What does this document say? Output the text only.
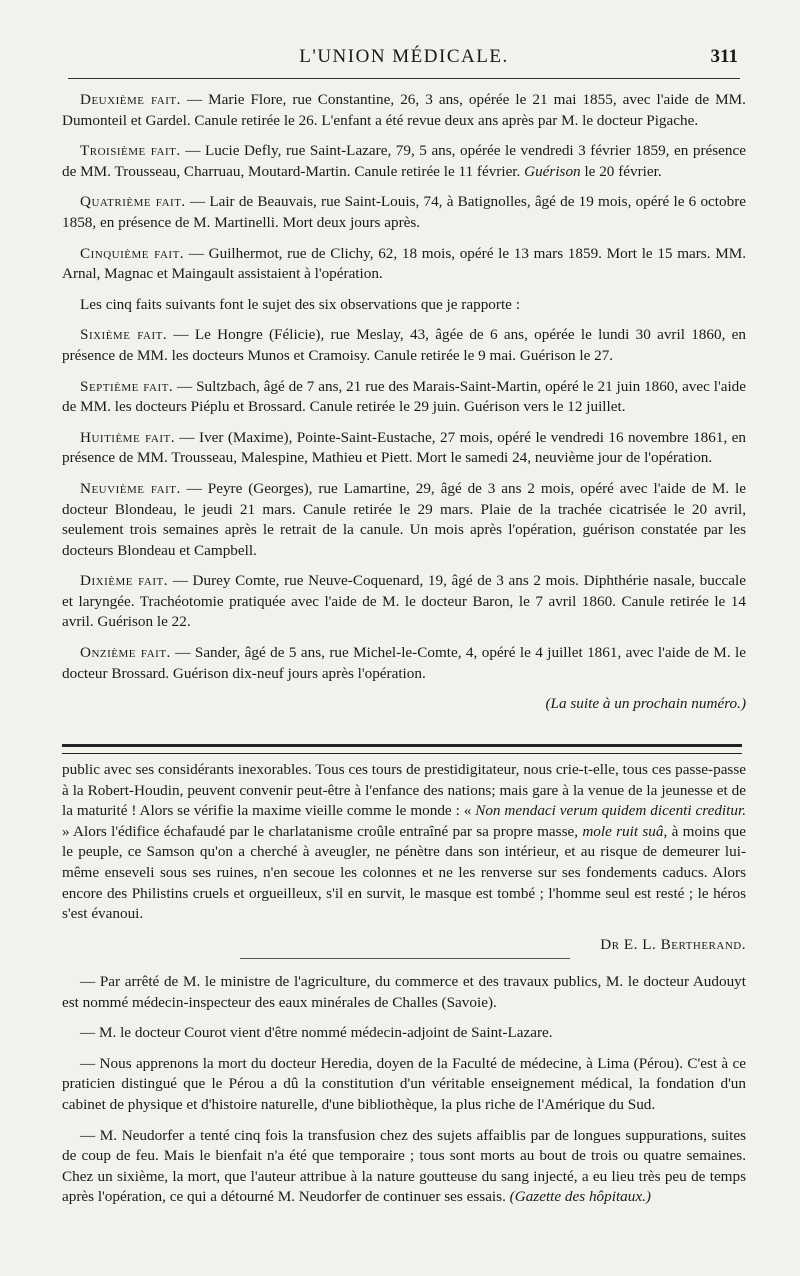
L'UNION MÉDICALE.	311

Deuxième fait. — Marie Flore, rue Constantine, 26, 3 ans, opérée le 21 mai 1855, avec l'aide de MM. Dumonteil et Gardel. Canule retirée le 26. L'enfant a été revue deux ans après par M. le docteur Pigache.

Troisième fait. — Lucie Defly, rue Saint-Lazare, 79, 5 ans, opérée le vendredi 3 février 1859, en présence de MM. Trousseau, Charruau, Moutard-Martin. Canule retirée le 11 février. Guérison le 20 février.

Quatrième fait. — Lair de Beauvais, rue Saint-Louis, 74, à Batignolles, âgé de 19 mois, opéré le 6 octobre 1858, en présence de M. Martinelli. Mort deux jours après.

Cinquième fait. — Guilhermot, rue de Clichy, 62, 18 mois, opéré le 13 mars 1859. Mort le 15 mars. MM. Arnal, Magnac et Maingault assistaient à l'opération.

Les cinq faits suivants font le sujet des six observations que je rapporte :

Sixième fait. — Le Hongre (Félicie), rue Meslay, 43, âgée de 6 ans, opérée le lundi 30 avril 1860, en présence de MM. les docteurs Munos et Cramoisy. Canule retirée le 9 mai. Guérison le 27.

Septième fait. — Sultzbach, âgé de 7 ans, 21 rue des Marais-Saint-Martin, opéré le 21 juin 1860, avec l'aide de MM. les docteurs Piéplu et Brossard. Canule retirée le 29 juin. Guérison vers le 12 juillet.

Huitième fait. — Iver (Maxime), Pointe-Saint-Eustache, 27 mois, opéré le vendredi 16 novembre 1861, en présence de MM. Trousseau, Malespine, Mathieu et Piett. Mort le samedi 24, neuvième jour de l'opération.

Neuvième fait. — Peyre (Georges), rue Lamartine, 29, âgé de 3 ans 2 mois, opéré avec l'aide de M. le docteur Blondeau, le jeudi 21 mars. Canule retirée le 29 mars. Plaie de la trachée cicatrisée le 20 avril, seulement trois semaines après le retrait de la canule. Un mois après l'opération, guérison constatée par les docteurs Blondeau et Campbell.

Dixième fait. — Durey Comte, rue Neuve-Coquenard, 19, âgé de 3 ans 2 mois. Diphthérie nasale, buccale et laryngée. Trachéotomie pratiquée avec l'aide de M. le docteur Baron, le 7 avril 1860. Canule retirée le 14 avril. Guérison le 22.

Onzième fait. — Sander, âgé de 5 ans, rue Michel-le-Comte, 4, opéré le 4 juillet 1861, avec l'aide de M. le docteur Brossard. Guérison dix-neuf jours après l'opération.

(La suite à un prochain numéro.)

public avec ses considérants inexorables. Tous ces tours de prestidigitateur, nous crie-t-elle, tous ces passe-passe à la Robert-Houdin, peuvent convenir peut-être à l'enfance des nations; mais gare à la venue de la jeunesse et de la maturité ! Alors se vérifie la maxime vieille comme le monde : « Non mendaci verum quidem dicenti creditur. » Alors l'édifice échafaudé par le charlatanisme croûle entraîné par sa propre masse, mole ruit suâ, à moins que le peuple, ce Samson qu'on a cherché à aveugler, ne pénètre dans son intérieur, et au risque de demeurer lui-même enseveli sous ses ruines, n'en secoue les colonnes et ne les renverse sur ses fondements caducs. Alors encore des Philistins cruels et orgueilleux, s'il en survit, le masque est tombé ; l'homme seul est resté ; le héros s'est évanoui.

Dr E. L. Bertherand.

— Par arrêté de M. le ministre de l'agriculture, du commerce et des travaux publics, M. le docteur Audouyt est nommé médecin-inspecteur des eaux minérales de Challes (Savoie).

— M. le docteur Courot vient d'être nommé médecin-adjoint de Saint-Lazare.

— Nous apprenons la mort du docteur Heredia, doyen de la Faculté de médecine, à Lima (Pérou). C'est à ce praticien distingué que le Pérou a dû la constitution d'un véritable enseignement médical, la fondation d'un cabinet de physique et d'histoire naturelle, d'une bibliothèque, la plus riche de l'Amérique du Sud.

— M. Neudorfer a tenté cinq fois la transfusion chez des sujets affaiblis par de longues suppurations, suites de coup de feu. Mais le bienfait n'a été que temporaire ; tous sont morts au bout de trois ou quatre semaines. Chez un sixième, la mort, que l'auteur attribue à la nature goutteuse du sang injecté, a eu lieu très peu de temps après l'opération, ce qui a détourné M. Neudorfer de continuer ses essais. (Gazette des hôpitaux.)
